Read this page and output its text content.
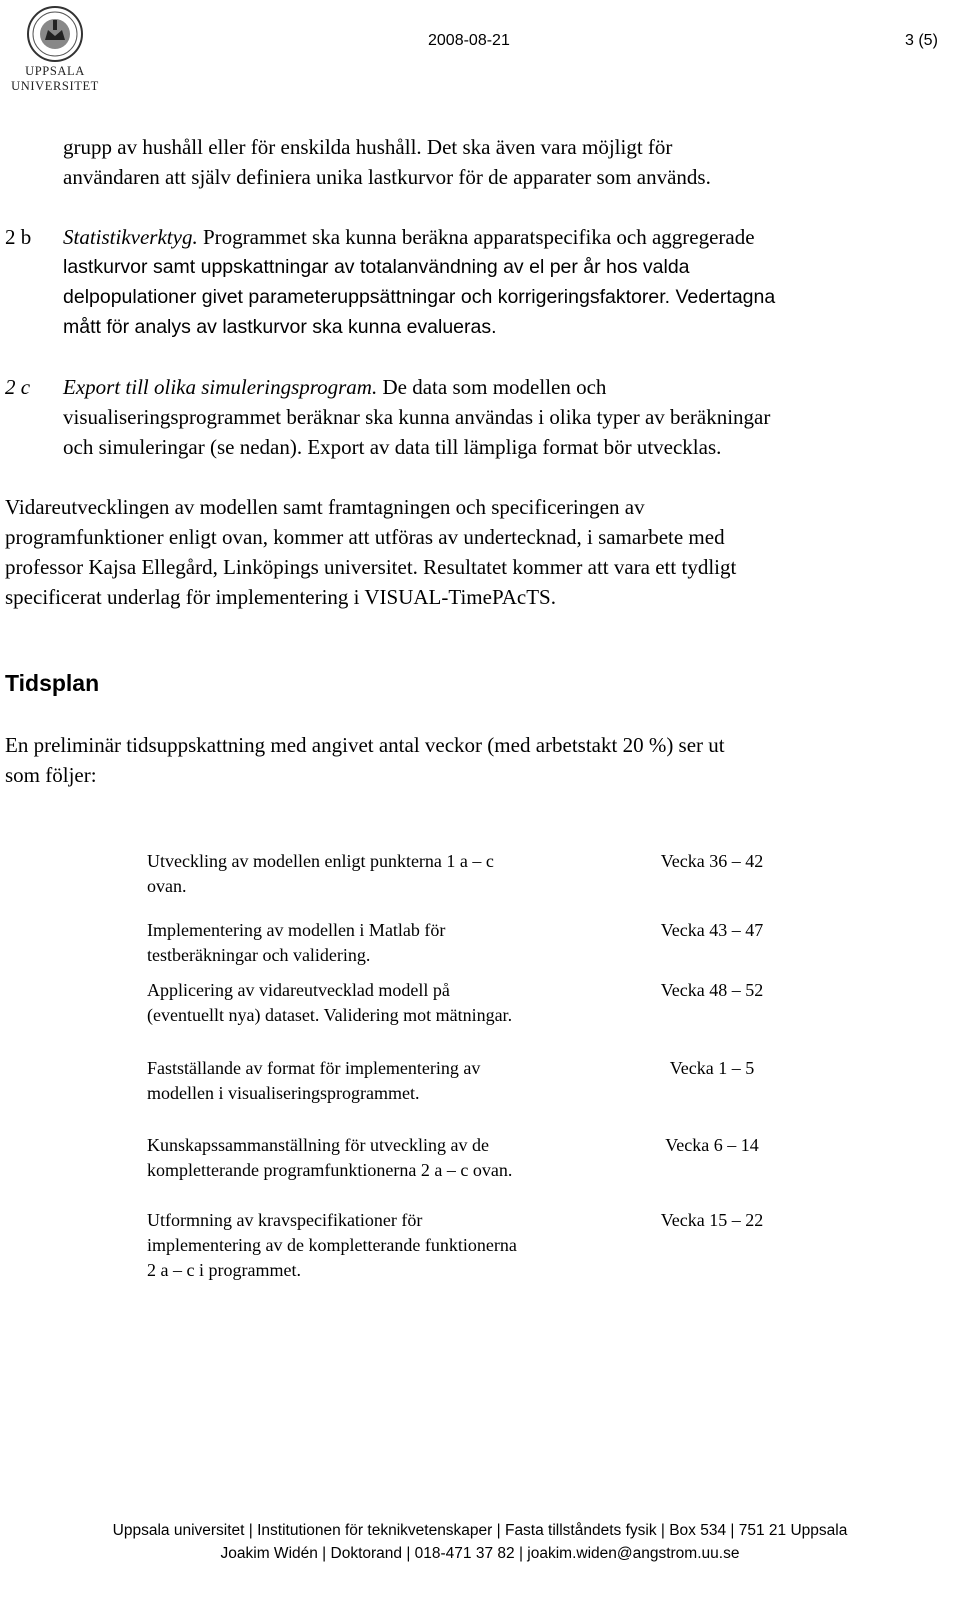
UPPSALA
UNIVERSITET
2008-08-21	3 (5)
grupp av hushåll eller för enskilda hushåll. Det ska även vara möjligt för
användaren att själv definiera unika lastkurvor för de apparater som används.
2 b Statistikverktyg. Programmet ska kunna beräkna apparatspecifika och aggregerade
lastkurvor samt uppskattningar av totalanvändning av el per år hos valda
delpopulationer givet parameteruppsättningar och korrigeringsfaktorer. Vedertagna
mått för analys av lastkurvor ska kunna evalueras.
2 c Export till olika simuleringsprogram. De data som modellen och
visualiseringsprogrammet beräknar ska kunna användas i olika typer av beräkningar
och simuleringar (se nedan). Export av data till lämpliga format bör utvecklas.
Vidareutvecklingen av modellen samt framtagningen och specificeringen av
programfunktioner enligt ovan, kommer att utföras av undertecknad, i samarbete med
professor Kajsa Ellegård, Linköpings universitet. Resultatet kommer att vara ett tydligt
specificerat underlag för implementering i VISUAL-TimePAcTS.
Tidsplan
En preliminär tidsuppskattning med angivet antal veckor (med arbetstakt 20 %) ser ut
som följer:
Utveckling av modellen enligt punkterna 1 a – c
ovan.
Vecka 36 – 42
Implementering av modellen i Matlab för
testberäkningar och validering.
Vecka 43 – 47
Applicering av vidareutvecklad modell på
(eventuellt nya) dataset. Validering mot mätningar.
Vecka 48 – 52
Fastställande av format för implementering av
modellen i visualiseringsprogrammet.
Vecka 1 – 5
Kunskapssammanställning för utveckling av de
kompletterande programfunktionerna 2 a – c ovan.
Vecka 6 – 14
Utformning av kravspecifikationer för
implementering av de kompletterande funktionerna
2 a – c i programmet.
Vecka 15 – 22
Uppsala universitet | Institutionen för teknikvetenskaper | Fasta tillståndets fysik | Box 534 | 751 21 Uppsala
Joakim Widén | Doktorand | 018-471 37 82 | joakim.widen@angstrom.uu.se
